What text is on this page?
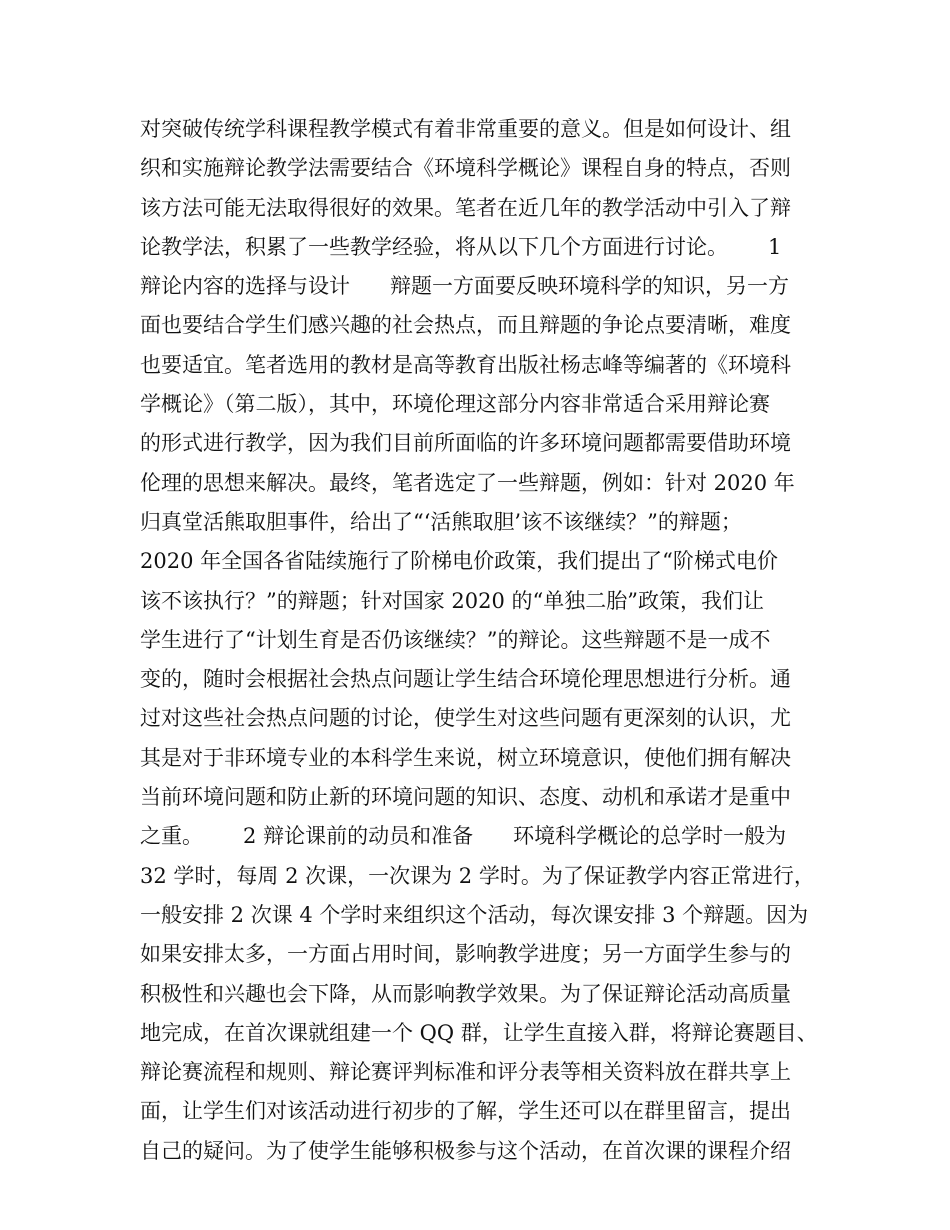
对突破传统学科课程教学模式有着非常重要的意义。但是如何设计、组
织和实施辩论教学法需要结合《环境科学概论》课程自身的特点，否则
该方法可能无法取得很好的效果。笔者在近几年的教学活动中引入了辩
论教学法，积累了一些教学经验，将从以下几个方面进行讨论。      1
辩论内容的选择与设计      辩题一方面要反映环境科学的知识，另一方
面也要结合学生们感兴趣的社会热点，而且辩题的争论点要清晰，难度
也要适宜。笔者选用的教材是高等教育出版社杨志峰等编著的《环境科
学概论》（第二版），其中，环境伦理这部分内容非常适合采用辩论赛
的形式进行教学，因为我们目前所面临的许多环境问题都需要借助环境
伦理的思想来解决。最终，笔者选定了一些辩题，例如：针对 2020 年
归真堂活熊取胆事件，给出了“‘活熊取胆’该不该继续？”的辩题；
2020 年全国各省陆续施行了阶梯电价政策，我们提出了“阶梯式电价
该不该执行？”的辩题；针对国家 2020 的“单独二胎”政策，我们让
学生进行了“计划生育是否仍该继续？”的辩论。这些辩题不是一成不
变的，随时会根据社会热点问题让学生结合环境伦理思想进行分析。通
过对这些社会热点问题的讨论，使学生对这些问题有更深刻的认识，尤
其是对于非环境专业的本科学生来说，树立环境意识，使他们拥有解决
当前环境问题和防止新的环境问题的知识、态度、动机和承诺才是重中
之重。      2 辩论课前的动员和准备      环境科学概论的总学时一般为
32 学时，每周 2 次课，一次课为 2 学时。为了保证教学内容正常进行，
一般安排 2 次课 4 个学时来组织这个活动，每次课安排 3 个辩题。因为
如果安排太多，一方面占用时间，影响教学进度；另一方面学生参与的
积极性和兴趣也会下降，从而影响教学效果。为了保证辩论活动高质量
地完成，在首次课就组建一个 QQ 群，让学生直接入群，将辩论赛题目、
辩论赛流程和规则、辩论赛评判标准和评分表等相关资料放在群共享上
面，让学生们对该活动进行初步的了解，学生还可以在群里留言，提出
自己的疑问。为了使学生能够积极参与这个活动，在首次课的课程介绍
